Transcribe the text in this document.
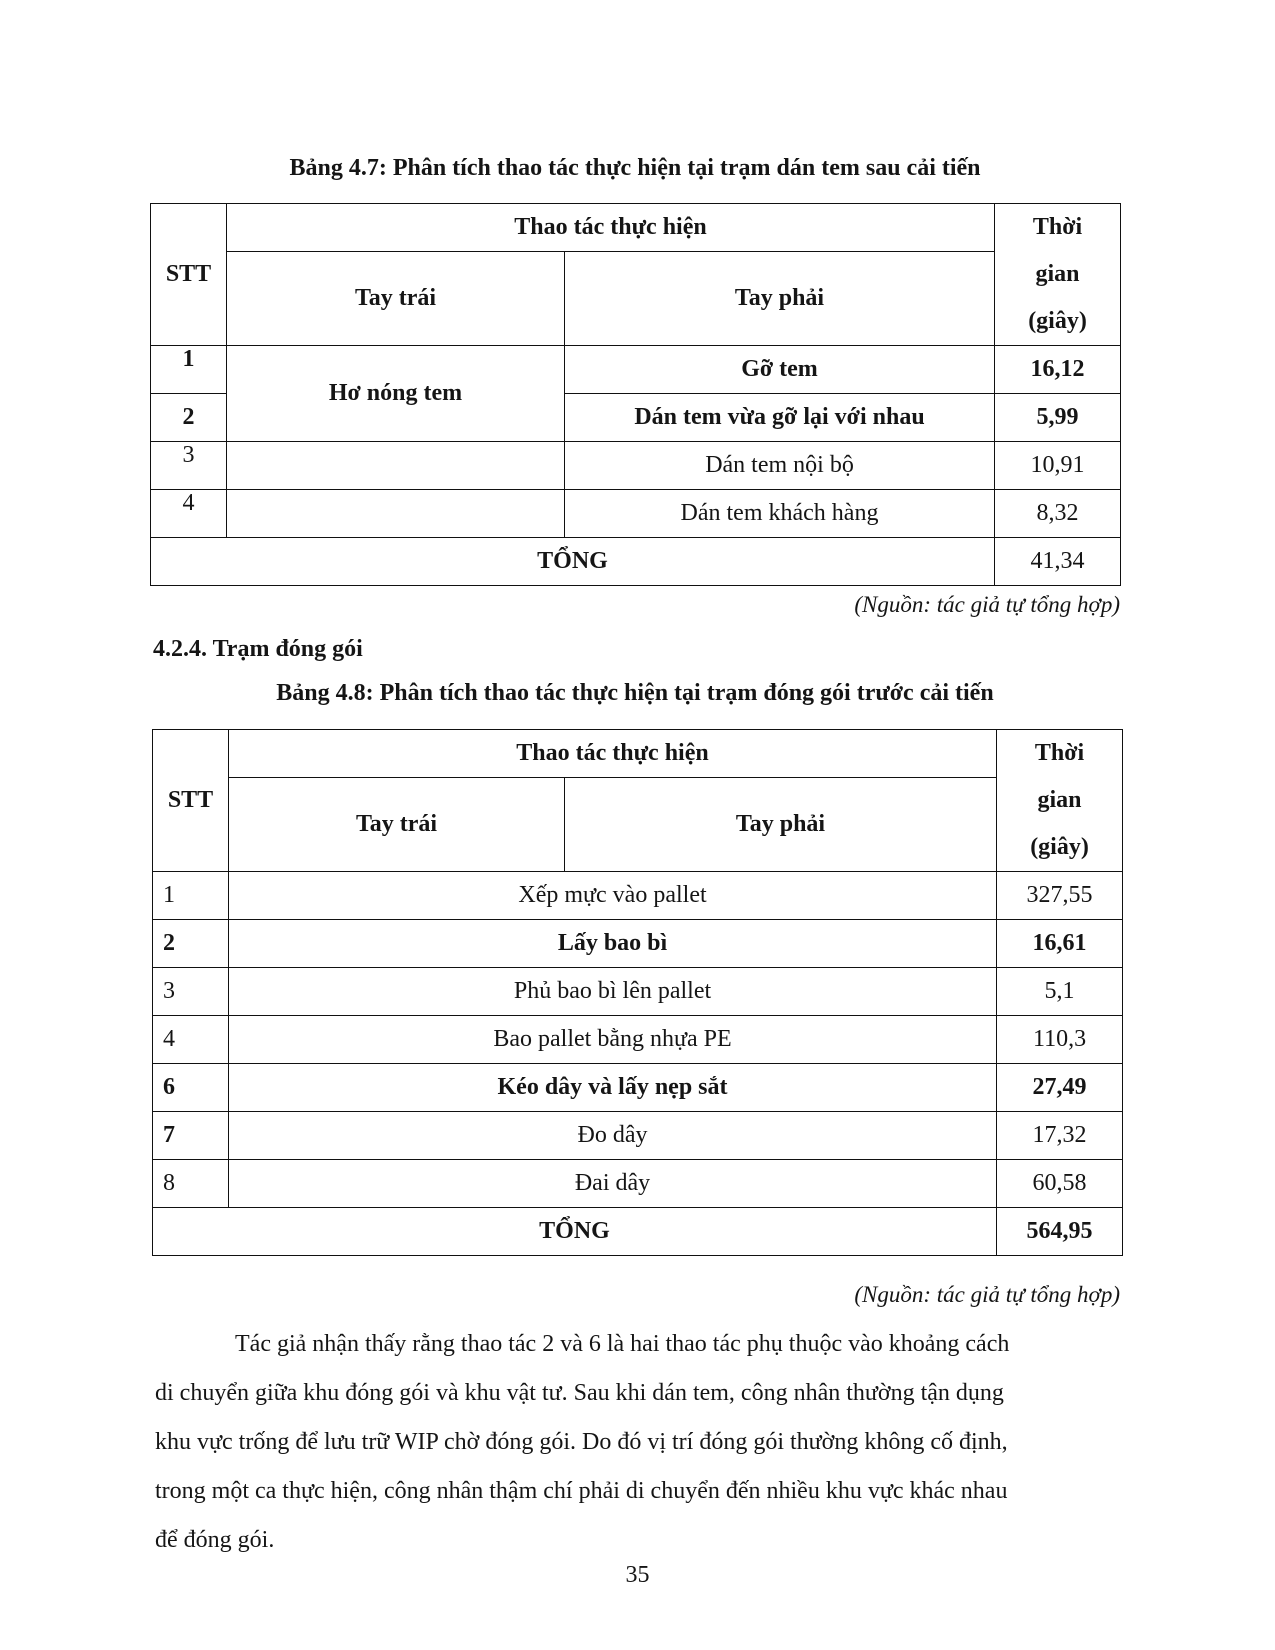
Bảng 4.7: Phân tích thao tác thực hiện tại trạm dán tem sau cải tiến
STT	Thao tác thực hiện		Thời
gian
(giây)
	Tay trái	Tay phải	
1	Hơ nóng tem	Gỡ tem	16,12
2		Dán tem vừa gỡ lại với nhau	5,99
3		Dán tem nội bộ	10,91
4		Dán tem khách hàng	8,32
TỔNG			41,34
(Nguồn: tác giả tự tổng hợp)
4.2.4. Trạm đóng gói
Bảng 4.8: Phân tích thao tác thực hiện tại trạm đóng gói trước cải tiến
STT	Thao tác thực hiện		Thời
gian
(giây)
	Tay trái	Tay phải	
1	Xếp mực vào pallet		327,55
2	Lấy bao bì		16,61
3	Phủ bao bì lên pallet		5,1
4	Bao pallet bằng nhựa PE		110,3
6	Kéo dây và lấy nẹp sắt		27,49
7	Đo dây		17,32
8	Đai dây		60,58
TỔNG			564,95
(Nguồn: tác giả tự tổng hợp)
Tác giả nhận thấy rằng thao tác 2 và 6 là hai thao tác phụ thuộc vào khoảng cách
di chuyển giữa khu đóng gói và khu vật tư. Sau khi dán tem, công nhân thường tận dụng
khu vực trống để lưu trữ WIP chờ đóng gói. Do đó vị trí đóng gói thường không cố định,
trong một ca thực hiện, công nhân thậm chí phải di chuyển đến nhiều khu vực khác nhau
để đóng gói.
35
